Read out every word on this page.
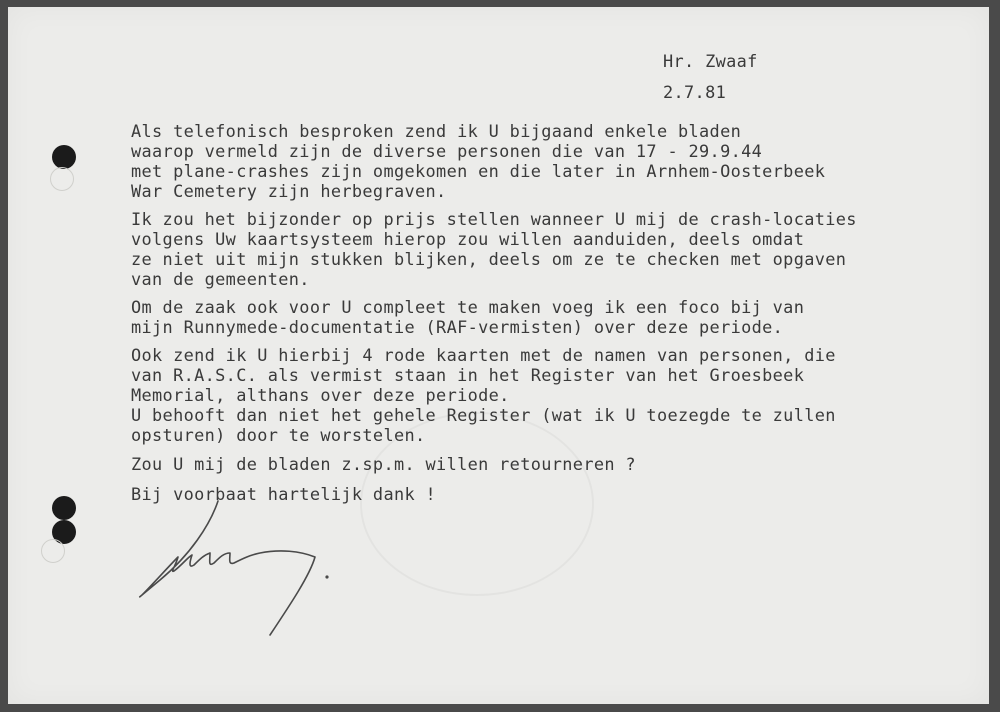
Hr. Zwaaf

2.7.81

Als telefonisch besproken zend ik U bijgaand enkele bladen

waarop vermeld zijn de diverse personen die van 17 - 29.9.44

met plane-crashes zijn omgekomen en die later in Arnhem-Oosterbeek

War Cemetery zijn herbegraven.

Ik zou het bijzonder op prijs stellen wanneer U mij de crash-locaties

volgens Uw kaartsysteem hierop zou willen aanduiden, deels omdat

ze niet uit mijn stukken blijken, deels om ze te checken met opgaven

van de gemeenten.

Om de zaak ook voor U compleet te maken voeg ik een foco bij van

mijn Runnymede-documentatie (RAF-vermisten) over deze periode.

Ook zend ik U hierbij 4 rode kaarten met de namen van personen, die

van R.A.S.C. als vermist staan in het Register van het Groesbeek

Memorial, althans over deze periode.

U behooft dan niet het gehele Register (wat ik U toezegde te zullen

opsturen) door te worstelen.

Zou U mij de bladen z.sp.m. willen retourneren ?

Bij voorbaat hartelijk dank !
